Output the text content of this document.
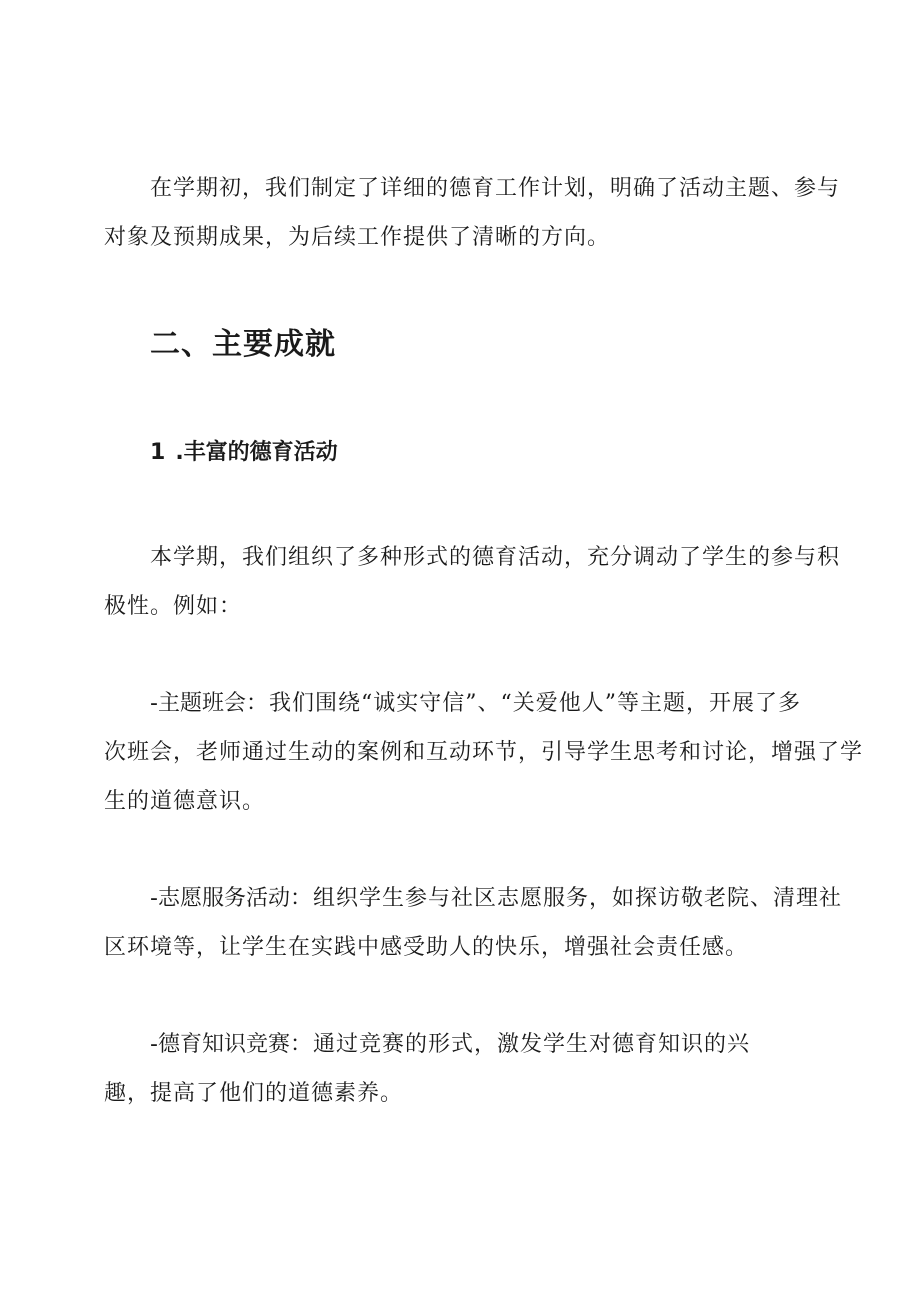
在学期初，我们制定了详细的德育工作计划，明确了活动主题、参与

对象及预期成果，为后续工作提供了清晰的方向。

二、主要成就
1 .丰富的德育活动

本学期，我们组织了多种形式的德育活动，充分调动了学生的参与积

极性。例如：

-主题班会：我们围绕“诚实守信”、“关爱他人”等主题，开展了多

次班会，老师通过生动的案例和互动环节，引导学生思考和讨论，增强了学

生的道德意识。

-志愿服务活动：组织学生参与社区志愿服务，如探访敬老院、清理社

区环境等，让学生在实践中感受助人的快乐，增强社会责任感。

-德育知识竞赛：通过竞赛的形式，激发学生对德育知识的兴

趣，提高了他们的道德素养。
